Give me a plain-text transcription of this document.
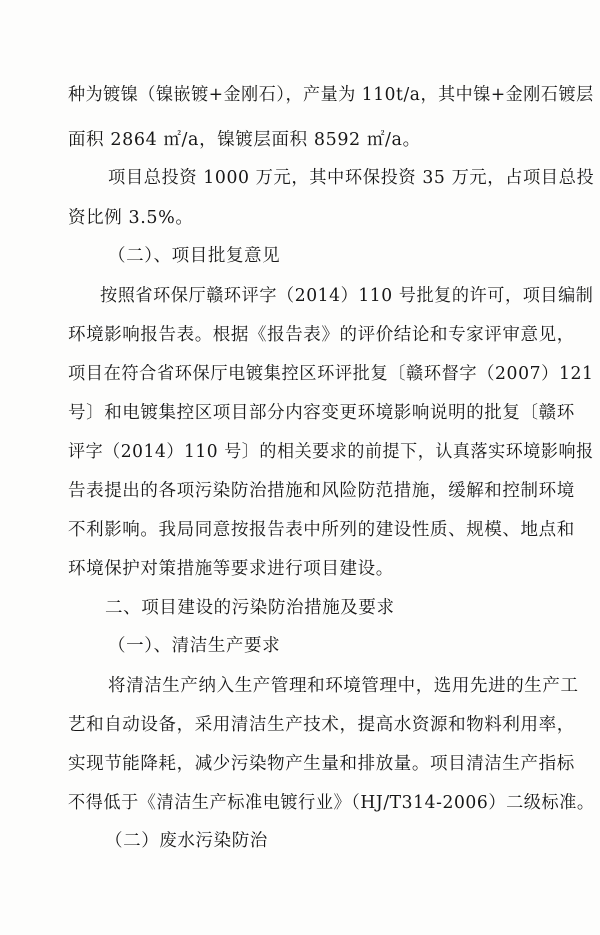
种为镀镍（镍嵌镀+金刚石），产量为 110t/a，其中镍+金刚石镀层
面积 2864 ㎡/a，镍镀层面积 8592 ㎡/a。
项目总投资 1000 万元，其中环保投资 35 万元，占项目总投
资比例 3.5%。
（二）、项目批复意见
按照省环保厅赣环评字（2014）110 号批复的许可，项目编制
环境影响报告表。根据《报告表》的评价结论和专家评审意见，
项目在符合省环保厅电镀集控区环评批复〔赣环督字（2007）121
号〕和电镀集控区项目部分内容变更环境影响说明的批复〔赣环
评字（2014）110 号〕的相关要求的前提下，认真落实环境影响报
告表提出的各项污染防治措施和风险防范措施，缓解和控制环境
不利影响。我局同意按报告表中所列的建设性质、规模、地点和
环境保护对策措施等要求进行项目建设。
二、项目建设的污染防治措施及要求
（一）、清洁生产要求
将清洁生产纳入生产管理和环境管理中，选用先进的生产工
艺和自动设备，采用清洁生产技术，提高水资源和物料利用率，
实现节能降耗，减少污染物产生量和排放量。项目清洁生产指标
不得低于《清洁生产标准电镀行业》（HJ/T314-2006）二级标准。
（二）废水污染防治
